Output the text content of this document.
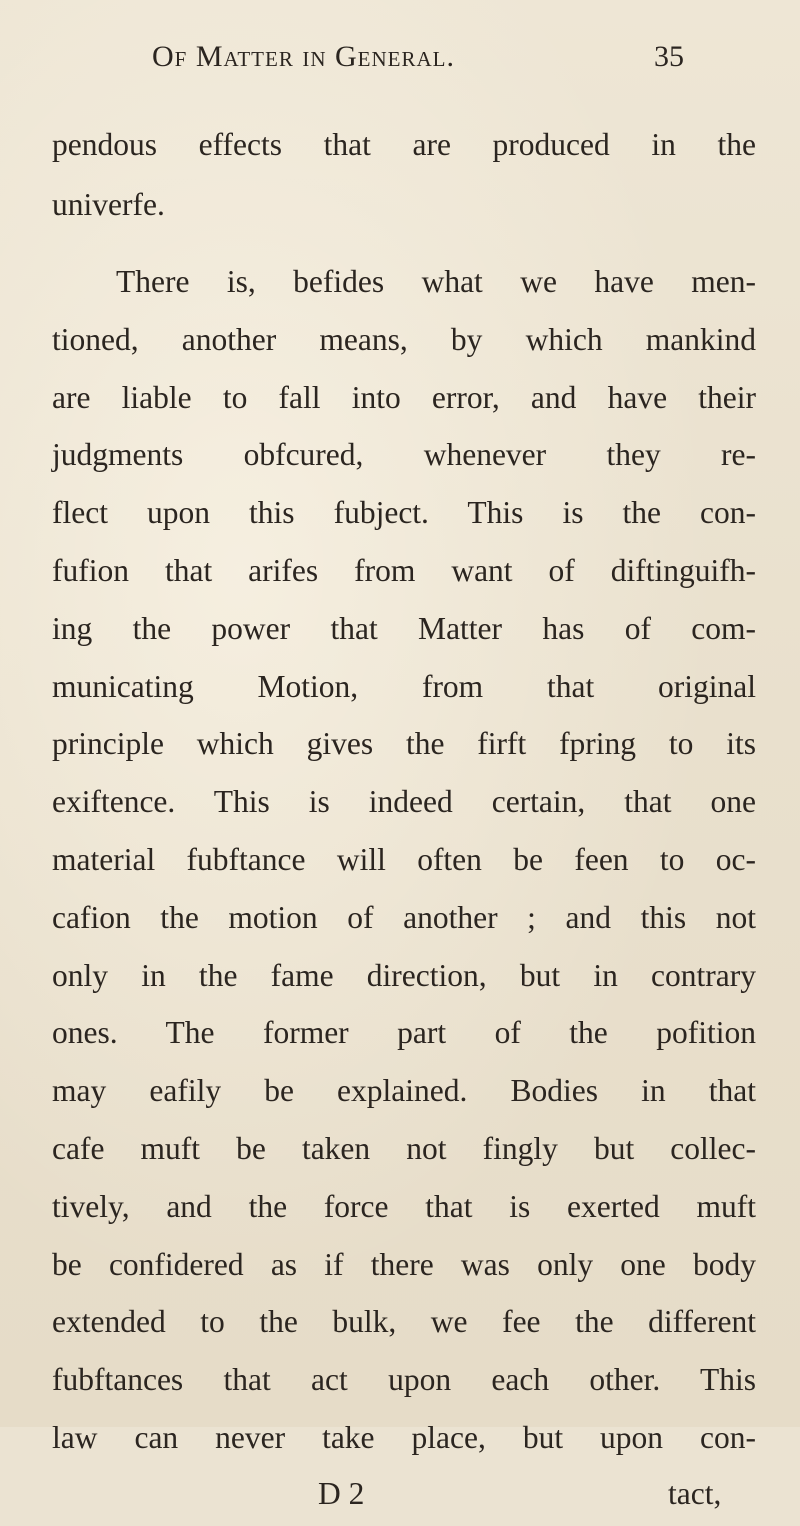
Of Matter in General.	35
pendous effects that are produced in the
univerfe.
There is, befides what we have men-
tioned, another means, by which mankind
are liable to fall into error, and have their
judgments obfcured, whenever they re-
flect upon this fubject. This is the con-
fufion that arifes from want of diftinguifh-
ing the power that Matter has of com-
municating Motion, from that original
principle which gives the firft fpring to its
exiftence. This is indeed certain, that one
material fubftance will often be feen to oc-
cafion the motion of another ; and this not
only in the fame direction, but in contrary
ones. The former part of the pofition
may eafily be explained. Bodies in that
cafe muft be taken not fingly but collec-
tively, and the force that is exerted muft
be confidered as if there was only one body
extended to the bulk, we fee the different
fubftances that act upon each other. This
law can never take place, but upon con-
D 2	tact,
